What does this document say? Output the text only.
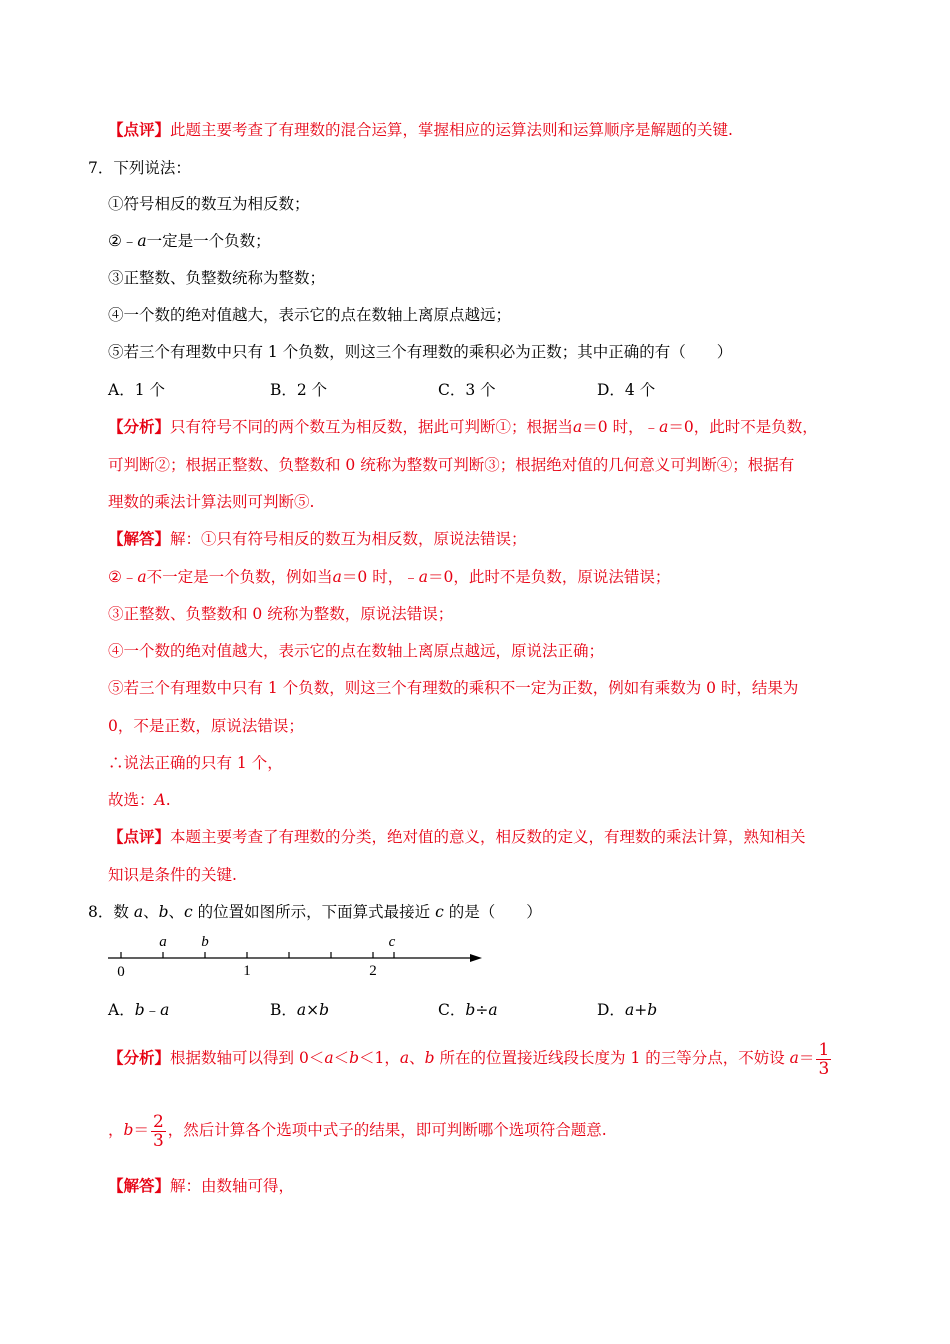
【点评】此题主要考查了有理数的混合运算，掌握相应的运算法则和运算顺序是解题的关键.
7．下列说法：
①符号相反的数互为相反数；
②﹣a一定是一个负数；
③正整数、负整数统称为整数；
④一个数的绝对值越大，表示它的点在数轴上离原点越远；
⑤若三个有理数中只有 1 个负数，则这三个有理数的乘积必为正数；其中正确的有（　　）
A．1 个	B．2 个	C．3 个	D．4 个
【分析】只有符号不同的两个数互为相反数，据此可判断①；根据当a＝0 时，﹣a＝0，此时不是负数，
可判断②；根据正整数、负整数和 0 统称为整数可判断③；根据绝对值的几何意义可判断④；根据有
理数的乘法计算法则可判断⑤.
【解答】解：①只有符号相反的数互为相反数，原说法错误；
②﹣a不一定是一个负数，例如当a＝0 时，﹣a＝0，此时不是负数，原说法错误；
③正整数、负整数和 0 统称为整数，原说法错误；
④一个数的绝对值越大，表示它的点在数轴上离原点越远，原说法正确；
⑤若三个有理数中只有 1 个负数，则这三个有理数的乘积不一定为正数，例如有乘数为 0 时，结果为
0，不是正数，原说法错误；
∴说法正确的只有 1 个，
故选：A.
【点评】本题主要考查了有理数的分类，绝对值的意义，相反数的定义，有理数的乘法计算，熟知相关
知识是条件的关键.
8．数 a、b、c 的位置如图所示，下面算式最接近 c 的是（　　）
a b	c
0	1	2
A．b﹣a	B．a×b	C．b÷a	D．a+b
【分析】根据数轴可以得到 0＜a＜b＜1，a、b 所在的位置接近线段长度为 1 的三等分点，不妨设 $a= \frac{1}{3}$
，$b= \frac{2}{3}$ ，然后计算各个选项中式子的结果，即可判断哪个选项符合题意.
【解答】解：由数轴可得，
